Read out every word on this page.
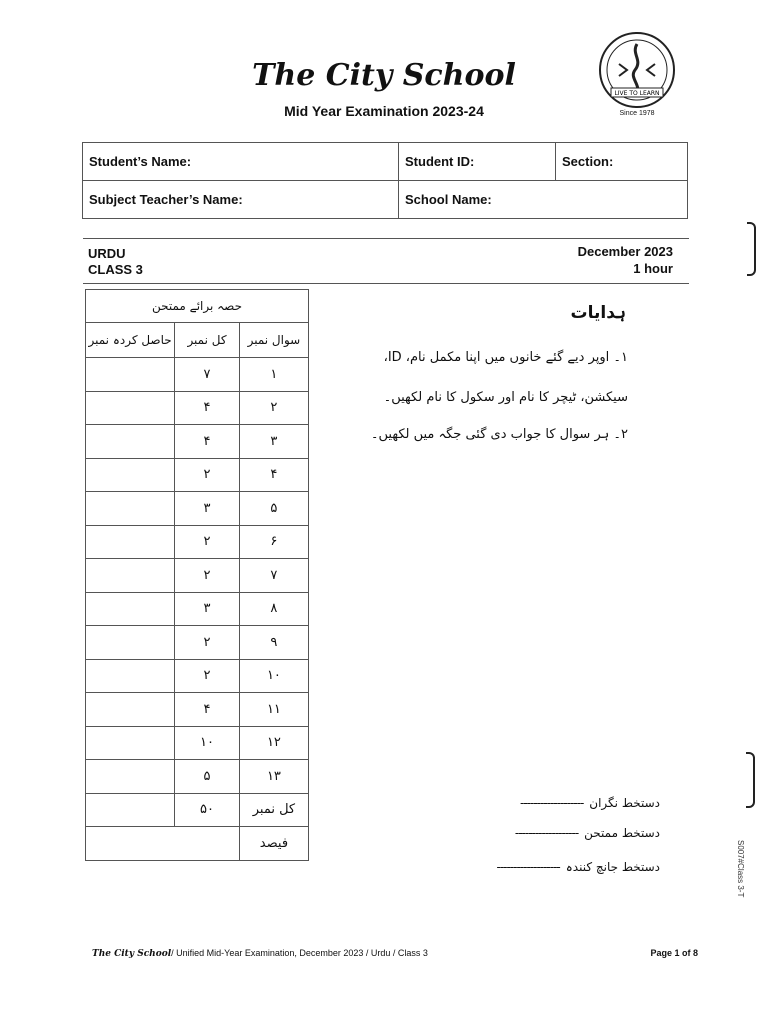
The City School
Mid Year Examination 2023-24
LIVE TO LEARN
Since 1978
Student’s Name:	Student ID:	Section:
Subject Teacher’s Name:	School Name:	
URDU
CLASS 3
December 2023
1 hour
حصہ برائے ممتحن		
حاصل کردہ نمبر	کل نمبر	سوال نمبر
	۷	۱
	۴	۲
	۴	۳
	۲	۴
	۳	۵
	۲	۶
	۲	۷
	۳	۸
	۲	۹
	۲	۱۰
	۴	۱۱
	۱۰	۱۲
	۵	۱۳
	۵۰	کل نمبر
		فیصد
ہدایات
۱۔ اوپر دیے گئے خانوں میں اپنا مکمل نام، ID،
سیکشن، ٹیچر کا نام اور سکول کا نام لکھیں۔
۲۔ ہر سوال کا جواب دی گئی جگہ میں لکھیں۔
دستخط نگران-------------------
دستخط ممتحن-------------------
دستخط جانچ کنندہ-------------------	S007#Class 3-T
The City School/ Unified Mid-Year Examination, December 2023 / Urdu / Class 3	Page 1 of 8
